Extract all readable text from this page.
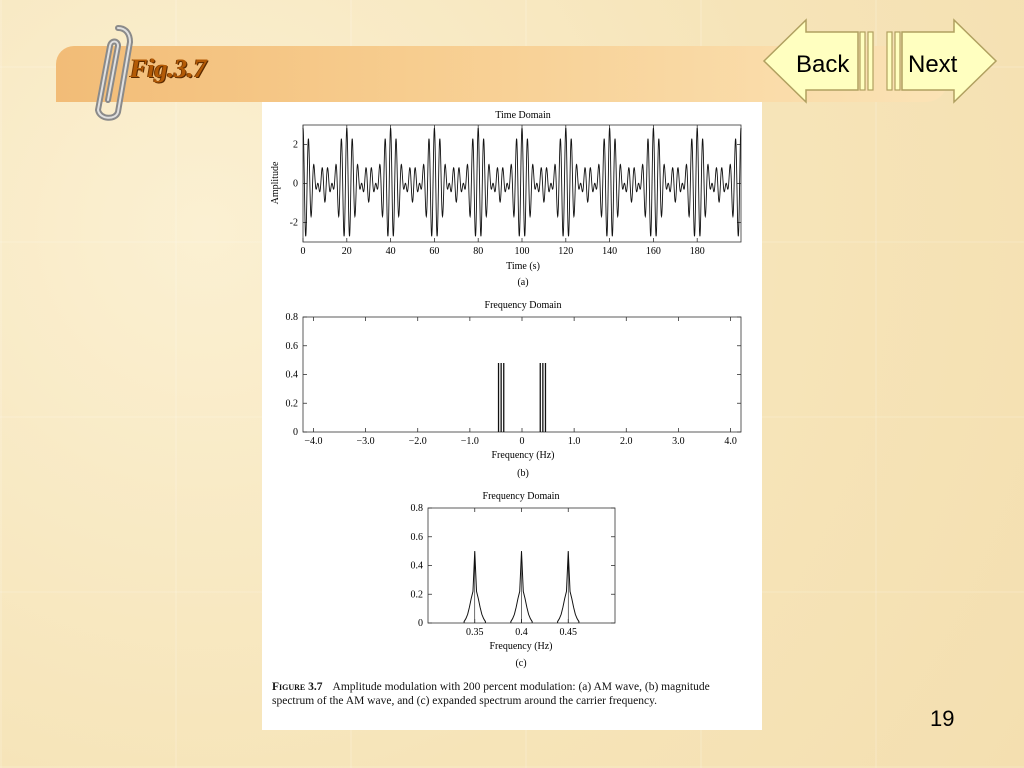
Fig.3.7	Back Next
Time Domain
0	20	40	60	80	100	120	140	160	180
-2
0
2
Time (s)
(a)
Amplitude
Frequency Domain
−4.0	−3.0	−2.0	−1.0	0	1.0	2.0	3.0	4.0
0
0.2
0.4
0.6
0.8
Frequency (Hz)
(b)
Frequency Domain
0.35	0.4	0.45
0
0.2
0.4
0.6
0.8
Frequency (Hz)
(c)
Figure 3.7 Amplitude modulation with 200 percent modulation: (a) AM wave, (b) magnitude spectrum of the AM wave, and (c) expanded spectrum around the carrier frequency.
19
